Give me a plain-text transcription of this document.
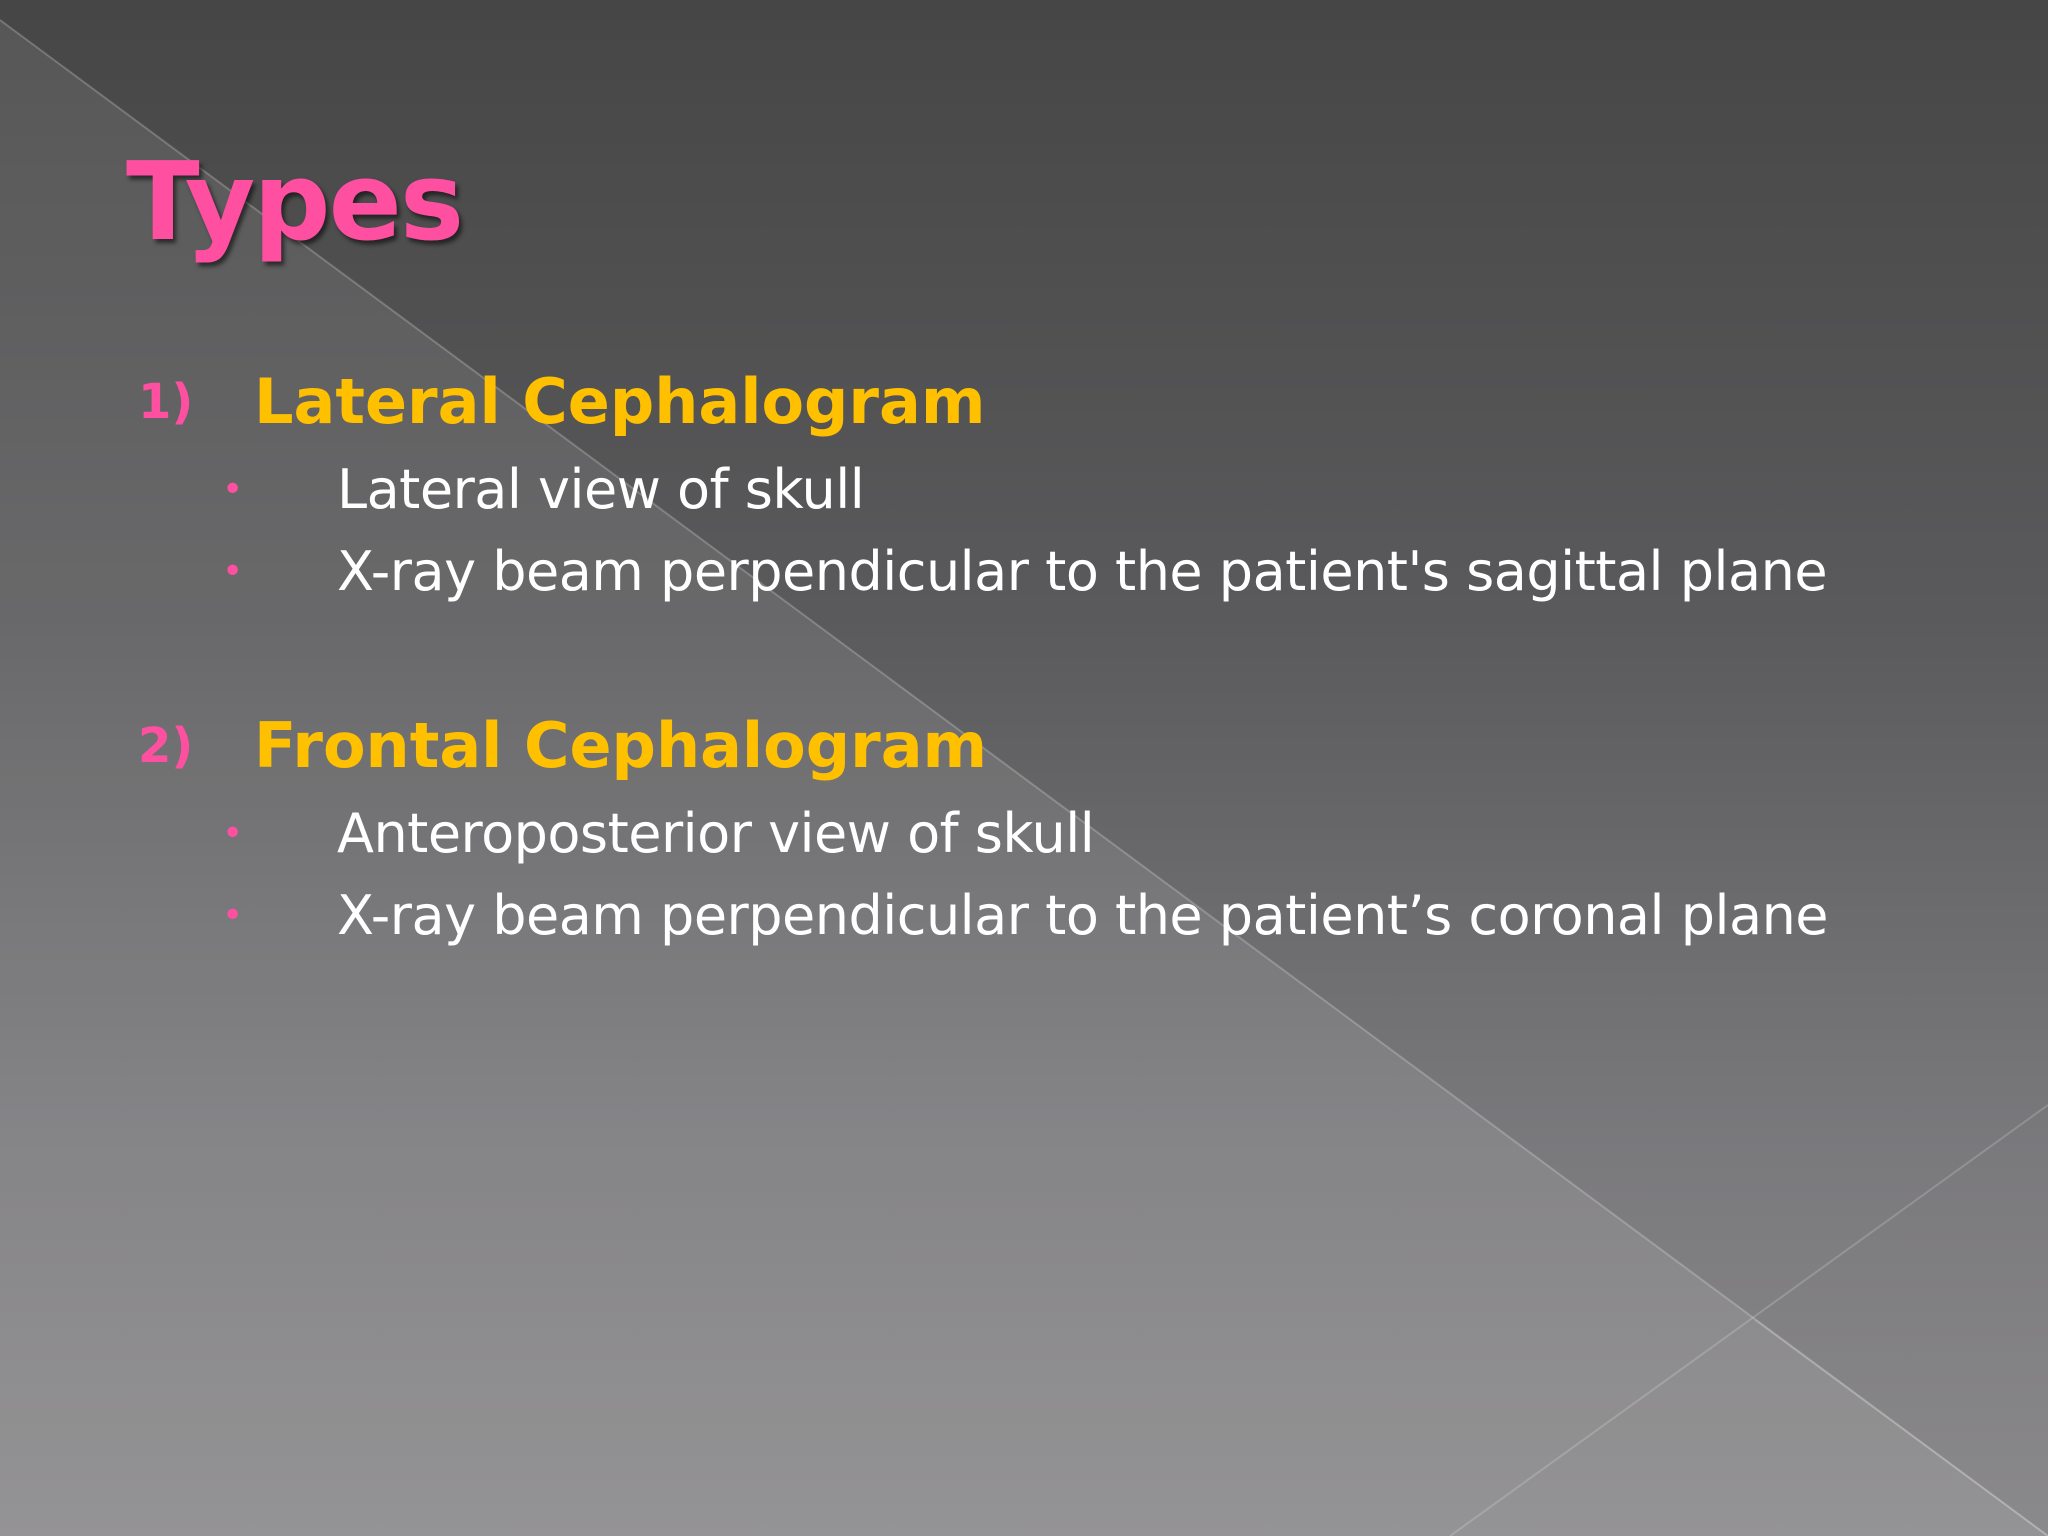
Types
1) Lateral Cephalogram
• Lateral view of skull
• X-ray beam perpendicular to the patient's sagittal plane
2) Frontal Cephalogram
• Anteroposterior view of skull
• X-ray beam perpendicular to the patient’s coronal plane
